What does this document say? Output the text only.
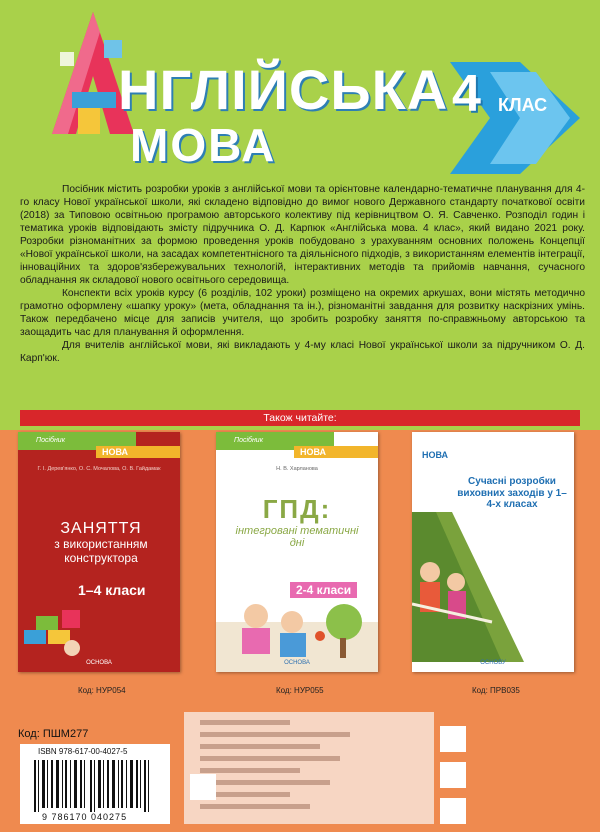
НГЛІЙСЬКА
МОВА
4 КЛАС

Посібник містить розробки уроків з англійської мови та орієнтовне календарно-тематичне планування для 4-го класу Нової української школи, які складено відповідно до вимог нового Державного стандарту початкової освіти (2018) за Типовою освітньою програмою авторського колективу під керівництвом О. Я. Савченко. Розподіл годин і тематика уроків відповідають змісту підручника О. Д. Карпюк «Англійська мова. 4 клас», який видано 2021 року. Розробки різноманітних за формою проведення уроків побудовано з урахуванням основних положень Концепції «Нової української школи, на засадах компетентнісного та діяльнісного підходів, з використанням елементів інтеграції, інноваційних та здоров'язбережувальних технологій, інтерактивних методів та прийомів навчання, сучасного обладнання як складової нового освітнього середовища.

Конспекти всіх уроків курсу (6 розділів, 102 уроки) розміщено на окремих аркушах, вони містять методично грамотно оформлену «шапку уроку» (мета, обладнання та ін.), різноманітні завдання для розвитку наскрізних умінь. Також передбачено місце для записів учителя, що зробить розробку заняття по-справжньому авторською та заощадить час для планування й оформлення.

Для вчителів англійської мови, які викладають у 4-му класі Нової української школи за підручником О. Д. Карп'юк.

Також читайте:
Посібник
НОВА
Г. І. Дерев'янко, О. С. Мочалова, О. В. Гайдамак
ЗАНЯТТЯ
з використанням
конструктора
1–4 класи
ОСНОВА
Посібник
НОВА
Н. В. Харланова
ГПД:
інтегровані тематичні дні
2-4 класи
ОСНОВА
НОВА
Сучасні розробки виховних заходів у 1–4-х класах
ОСНОВУ
Код: НУР054	Код: НУР055	Код: ПРВ035
Код: ПШМ277
ISBN 978-617-00-4027-5
9 786170 040275
